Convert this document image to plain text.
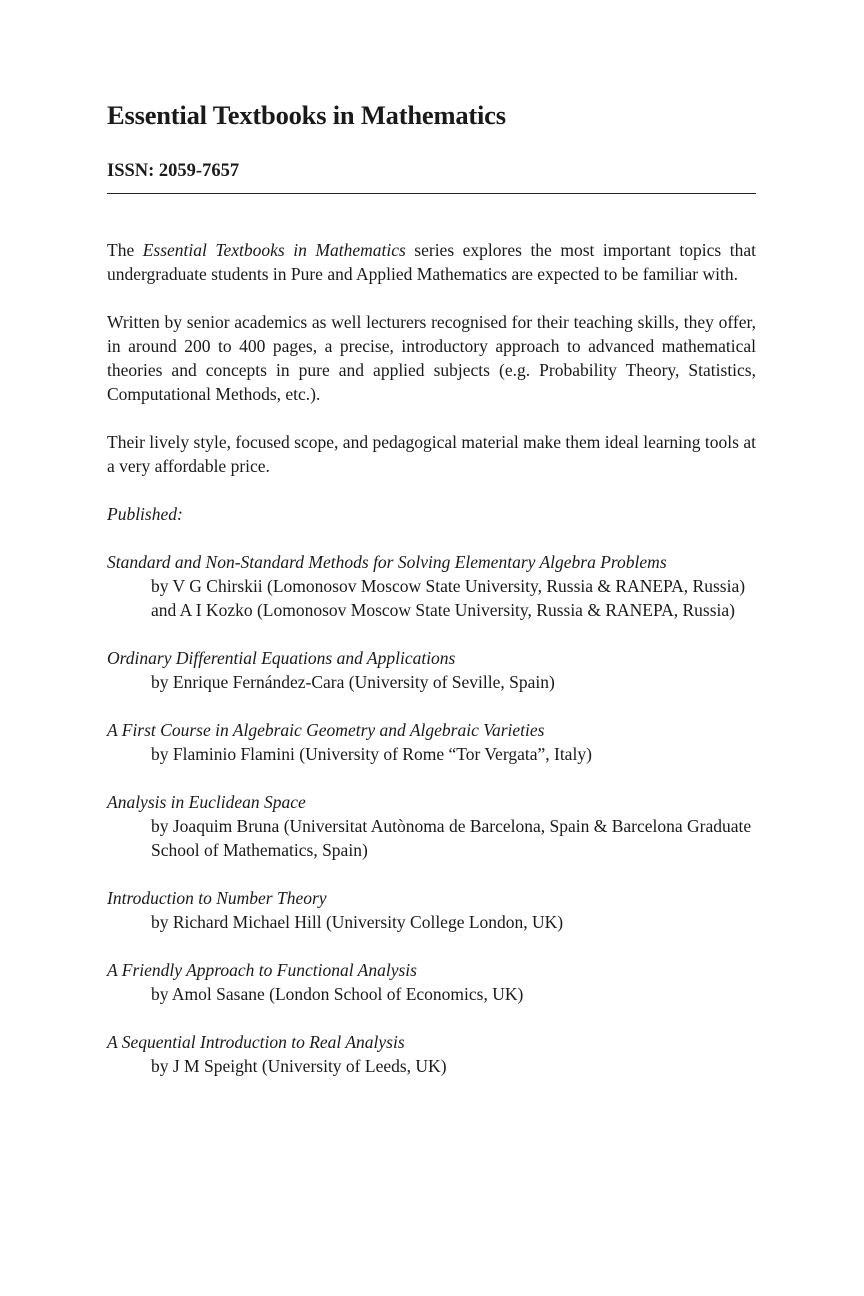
Essential Textbooks in Mathematics
ISSN: 2059-7657

The Essential Textbooks in Mathematics series explores the most important topics that undergraduate students in Pure and Applied Mathematics are expected to be familiar with.

Written by senior academics as well lecturers recognised for their teaching skills, they offer, in around 200 to 400 pages, a precise, introductory approach to advanced mathematical theories and concepts in pure and applied subjects (e.g. Probability Theory, Statistics, Computational Methods, etc.).

Their lively style, focused scope, and pedagogical material make them ideal learning tools at a very affordable price.

Published:

Standard and Non-Standard Methods for Solving Elementary Algebra Problems
by V G Chirskii (Lomonosov Moscow State University, Russia & RANEPA, Russia) and A I Kozko (Lomonosov Moscow State University, Russia & RANEPA, Russia)
Ordinary Differential Equations and Applications
by Enrique Fernández-Cara (University of Seville, Spain)
A First Course in Algebraic Geometry and Algebraic Varieties
by Flaminio Flamini (University of Rome “Tor Vergata”, Italy)
Analysis in Euclidean Space
by Joaquim Bruna (Universitat Autònoma de Barcelona, Spain & Barcelona Graduate School of Mathematics, Spain)
Introduction to Number Theory
by Richard Michael Hill (University College London, UK)
A Friendly Approach to Functional Analysis
by Amol Sasane (London School of Economics, UK)
A Sequential Introduction to Real Analysis
by J M Speight (University of Leeds, UK)
